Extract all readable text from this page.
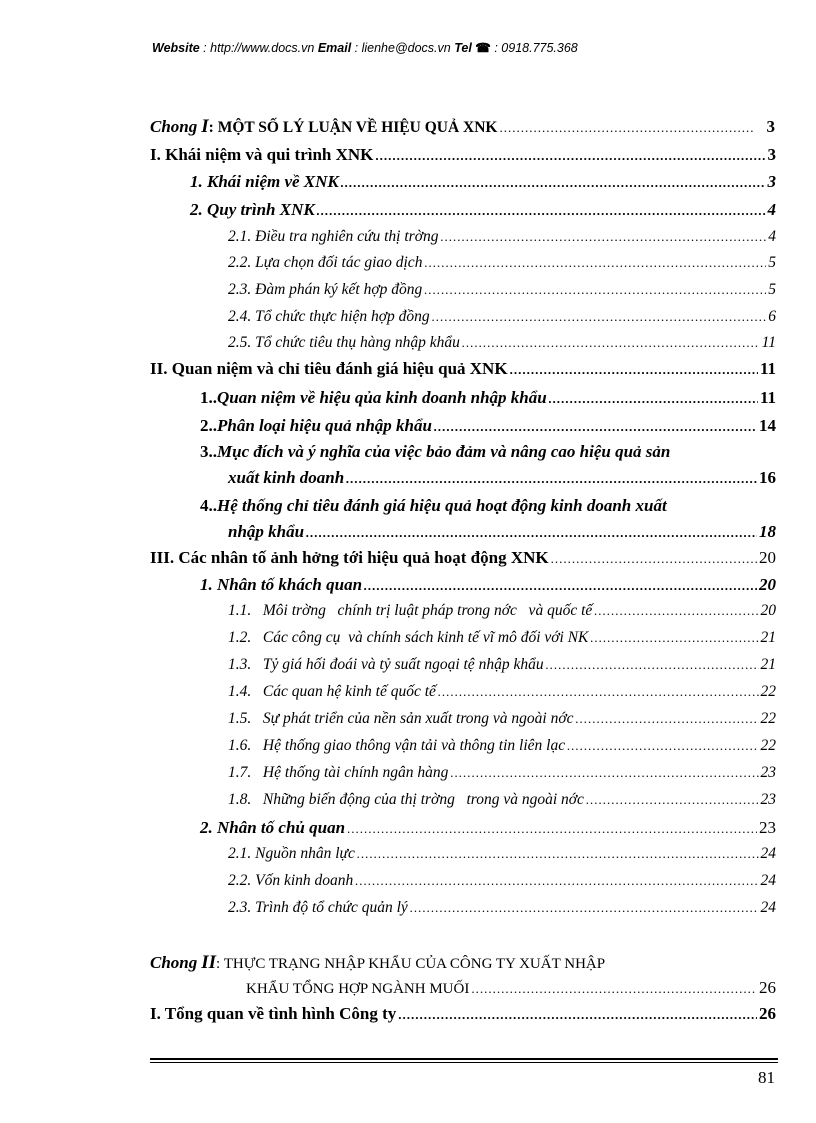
Website : http://www.docs.vn Email : lienhe@docs.vn Tel ☎ : 0918.775.368
Chong I: MỘT SỐ LÝ LUẬN VỀ HIỆU QUẢ XNK .....	3
I. Khái niệm và qui trình XNK .....	3
1. Khái niệm về XNK .....	3
2. Quy trình XNK .....	4
2.1. Điều tra nghiên cứu thị trờng .....	4
2.2. Lựa chọn đối tác giao dịch .....	5
2.3. Đàm phán ký kết hợp đồng .....	5
2.4. Tổ chức thực hiện hợp đồng .....	6
2.5. Tổ chức tiêu thụ hàng nhập khẩu .....	11
II. Quan niệm và chỉ tiêu đánh giá hiệu quả XNK .....	11
1..Quan niệm về hiệu qủa kinh doanh nhập khẩu .....	11
2..Phân loại hiệu quả nhập khẩu .....	14
3..Mục đích và ý nghĩa của việc bảo đảm và nâng cao hiệu quả sản
xuất kinh doanh .....	16
4..Hệ thống chỉ tiêu đánh giá hiệu quả hoạt động kinh doanh xuất
nhập khẩu .....	18
III. Các nhân tố ảnh hởng tới hiệu quả hoạt động XNK .....	20
1. Nhân tố khách quan .....	20
1.1.   Môi trờng   chính trị luật pháp trong nớc   và quốc tế .....	20
1.2.   Các công cụ  và chính sách kinh tế vĩ mô đối với NK .....	21
1.3.   Tỷ giá hối đoái và tỷ suất ngoại tệ nhập khẩu .....	21
1.4.   Các quan hệ kinh tế quốc tế .....	22
1.5.   Sự phát triển của nền sản xuất trong và ngoài nớc .....	22
1.6.   Hệ thống giao thông vận tải và thông tin liên lạc .....	22
1.7.   Hệ thống tài chính ngân hàng .....	23
1.8.   Những biến động của thị trờng   trong và ngoài nớc .....	23
2. Nhân tố chủ quan .....	23
2.1. Nguồn nhân lực .....	24
2.2. Vốn kinh doanh .....	24
2.3. Trình độ tổ chức quản lý .....	24
Chong II: THỰC TRẠNG NHẬP KHẨU CỦA CÔNG TY XUẤT NHẬP
KHẨU TỔNG HỢP NGÀNH MUỐI .....	26
I. Tổng quan về tình hình Công ty .....	26
81
